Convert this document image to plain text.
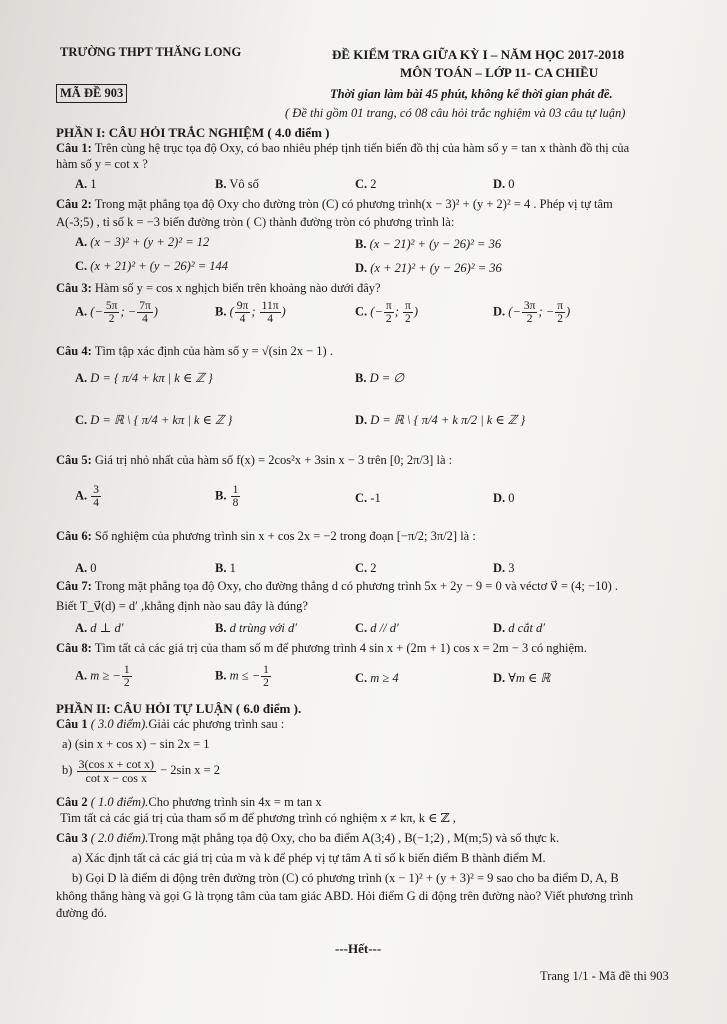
TRƯỜNG THPT THĂNG LONG	ĐỀ KIỂM TRA GIỮA KỲ I – NĂM HỌC 2017-2018
MÔN TOÁN – LỚP 11- CA CHIỀU
MÃ ĐỀ 903	Thời gian làm bài 45 phút, không kể thời gian phát đề.
( Đề thi gồm 01 trang, có 08 câu hỏi trắc nghiệm và 03 câu tự luận)
PHẦN I: CÂU HỎI TRẮC NGHIỆM ( 4.0 điểm )
Câu 1: Trên cùng hệ trục tọa độ Oxy, có bao nhiêu phép tịnh tiến biến đồ thị của hàm số y = tan x thành đồ thị của
hàm số y = cot x ?
A. 1	B. Vô số	C. 2	D. 0
Câu 2: Trong mặt phẳng tọa độ Oxy cho đường tròn (C) có phương trình(x − 3)² + (y + 2)² = 4 . Phép vị tự tâm
A(-3;5) , tỉ số k = −3 biến đường tròn ( C) thành đường tròn có phương trình là:
A. (x − 3)² + (y + 2)² = 12	B. (x − 21)² + (y − 26)² = 36
C. (x + 21)² + (y − 26)² = 144	D. (x + 21)² + (y − 26)² = 36
Câu 3: Hàm số y = cos x nghịch biến trên khoảng nào dưới đây?
A. (− $\frac{5\pi}{2}$ ; − $\frac{7\pi}{4}$ )	B. ( $\frac{9\pi}{4}$ ; $\frac{11\pi}{4}$ )	C. (− $\frac{\pi}{2}$ ; $\frac{\pi}{2}$ )	D. (− $\frac{3\pi}{2}$ ; − $\frac{\pi}{2}$ )
Câu 4: Tìm tập xác định của hàm số y = √(sin 2x − 1) .
A. D = { π/4 + kπ | k ∈ ℤ }	B. D = ∅
C. D = ℝ \ { π/4 + kπ | k ∈ ℤ }	D. D = ℝ \ { π/4 + k π/2 | k ∈ ℤ }
Câu 5: Giá trị nhỏ nhất của hàm số f(x) = 2cos²x + 3sin x − 3 trên [0; 2π/3] là :
A. $\frac{3}{4}$	B. $\frac{1}{8}$	C. -1	D. 0
Câu 6: Số nghiệm của phương trình sin x + cos 2x = −2 trong đoạn [−π/2; 3π/2] là :
A. 0	B. 1	C. 2	D. 3
Câu 7: Trong mặt phẳng tọa độ Oxy, cho đường thẳng d có phương trình 5x + 2y − 9 = 0 và véctơ v⃗ = (4; −10) .
Biết T_v⃗(d) = d′ ,khẳng định nào sau đây là đúng?
A. d ⊥ d′	B. d trùng với d′	C. d // d′	D. d cắt d′
Câu 8: Tìm tất cả các giá trị của tham số m để phương trình 4 sin x + (2m + 1) cos x = 2m − 3 có nghiệm.
A. m ≥ − $\frac{1}{2}$	B. m ≤ − $\frac{1}{2}$	C. m ≥ 4	D. ∀m ∈ ℝ
PHẦN II: CÂU HỎI TỰ LUẬN ( 6.0 điểm ).
Câu 1 ( 3.0 điểm).Giải các phương trình sau :
a) (sin x + cos x) − sin 2x = 1
$b) \frac{\text{3(cos x + cot x)}}{\text{cot x − cos x}} - 2\sin$ x = 2
Câu 2 ( 1.0 điểm).Cho phương trình sin 4x = m tan x
Tìm tất cả các giá trị của tham số m để phương trình có nghiệm x ≠ kπ, k ∈ ℤ ,
Câu 3 ( 2.0 điểm).Trong mặt phẳng tọa độ Oxy, cho ba điểm A(3;4) , B(−1;2) , M(m;5) và số thực k.
a) Xác định tất cả các giá trị của m và k để phép vị tự tâm A tỉ số k biến điểm B thành điểm M.
b) Gọi D là điểm di động trên đường tròn (C) có phương trình (x − 1)² + (y + 3)² = 9 sao cho ba điểm D, A, B
không thẳng hàng và gọi G là trọng tâm của tam giác ABD. Hỏi điểm G di động trên đường nào? Viết phương trình
đường đó.
---Hết---
Trang 1/1 - Mã đề thi 903
